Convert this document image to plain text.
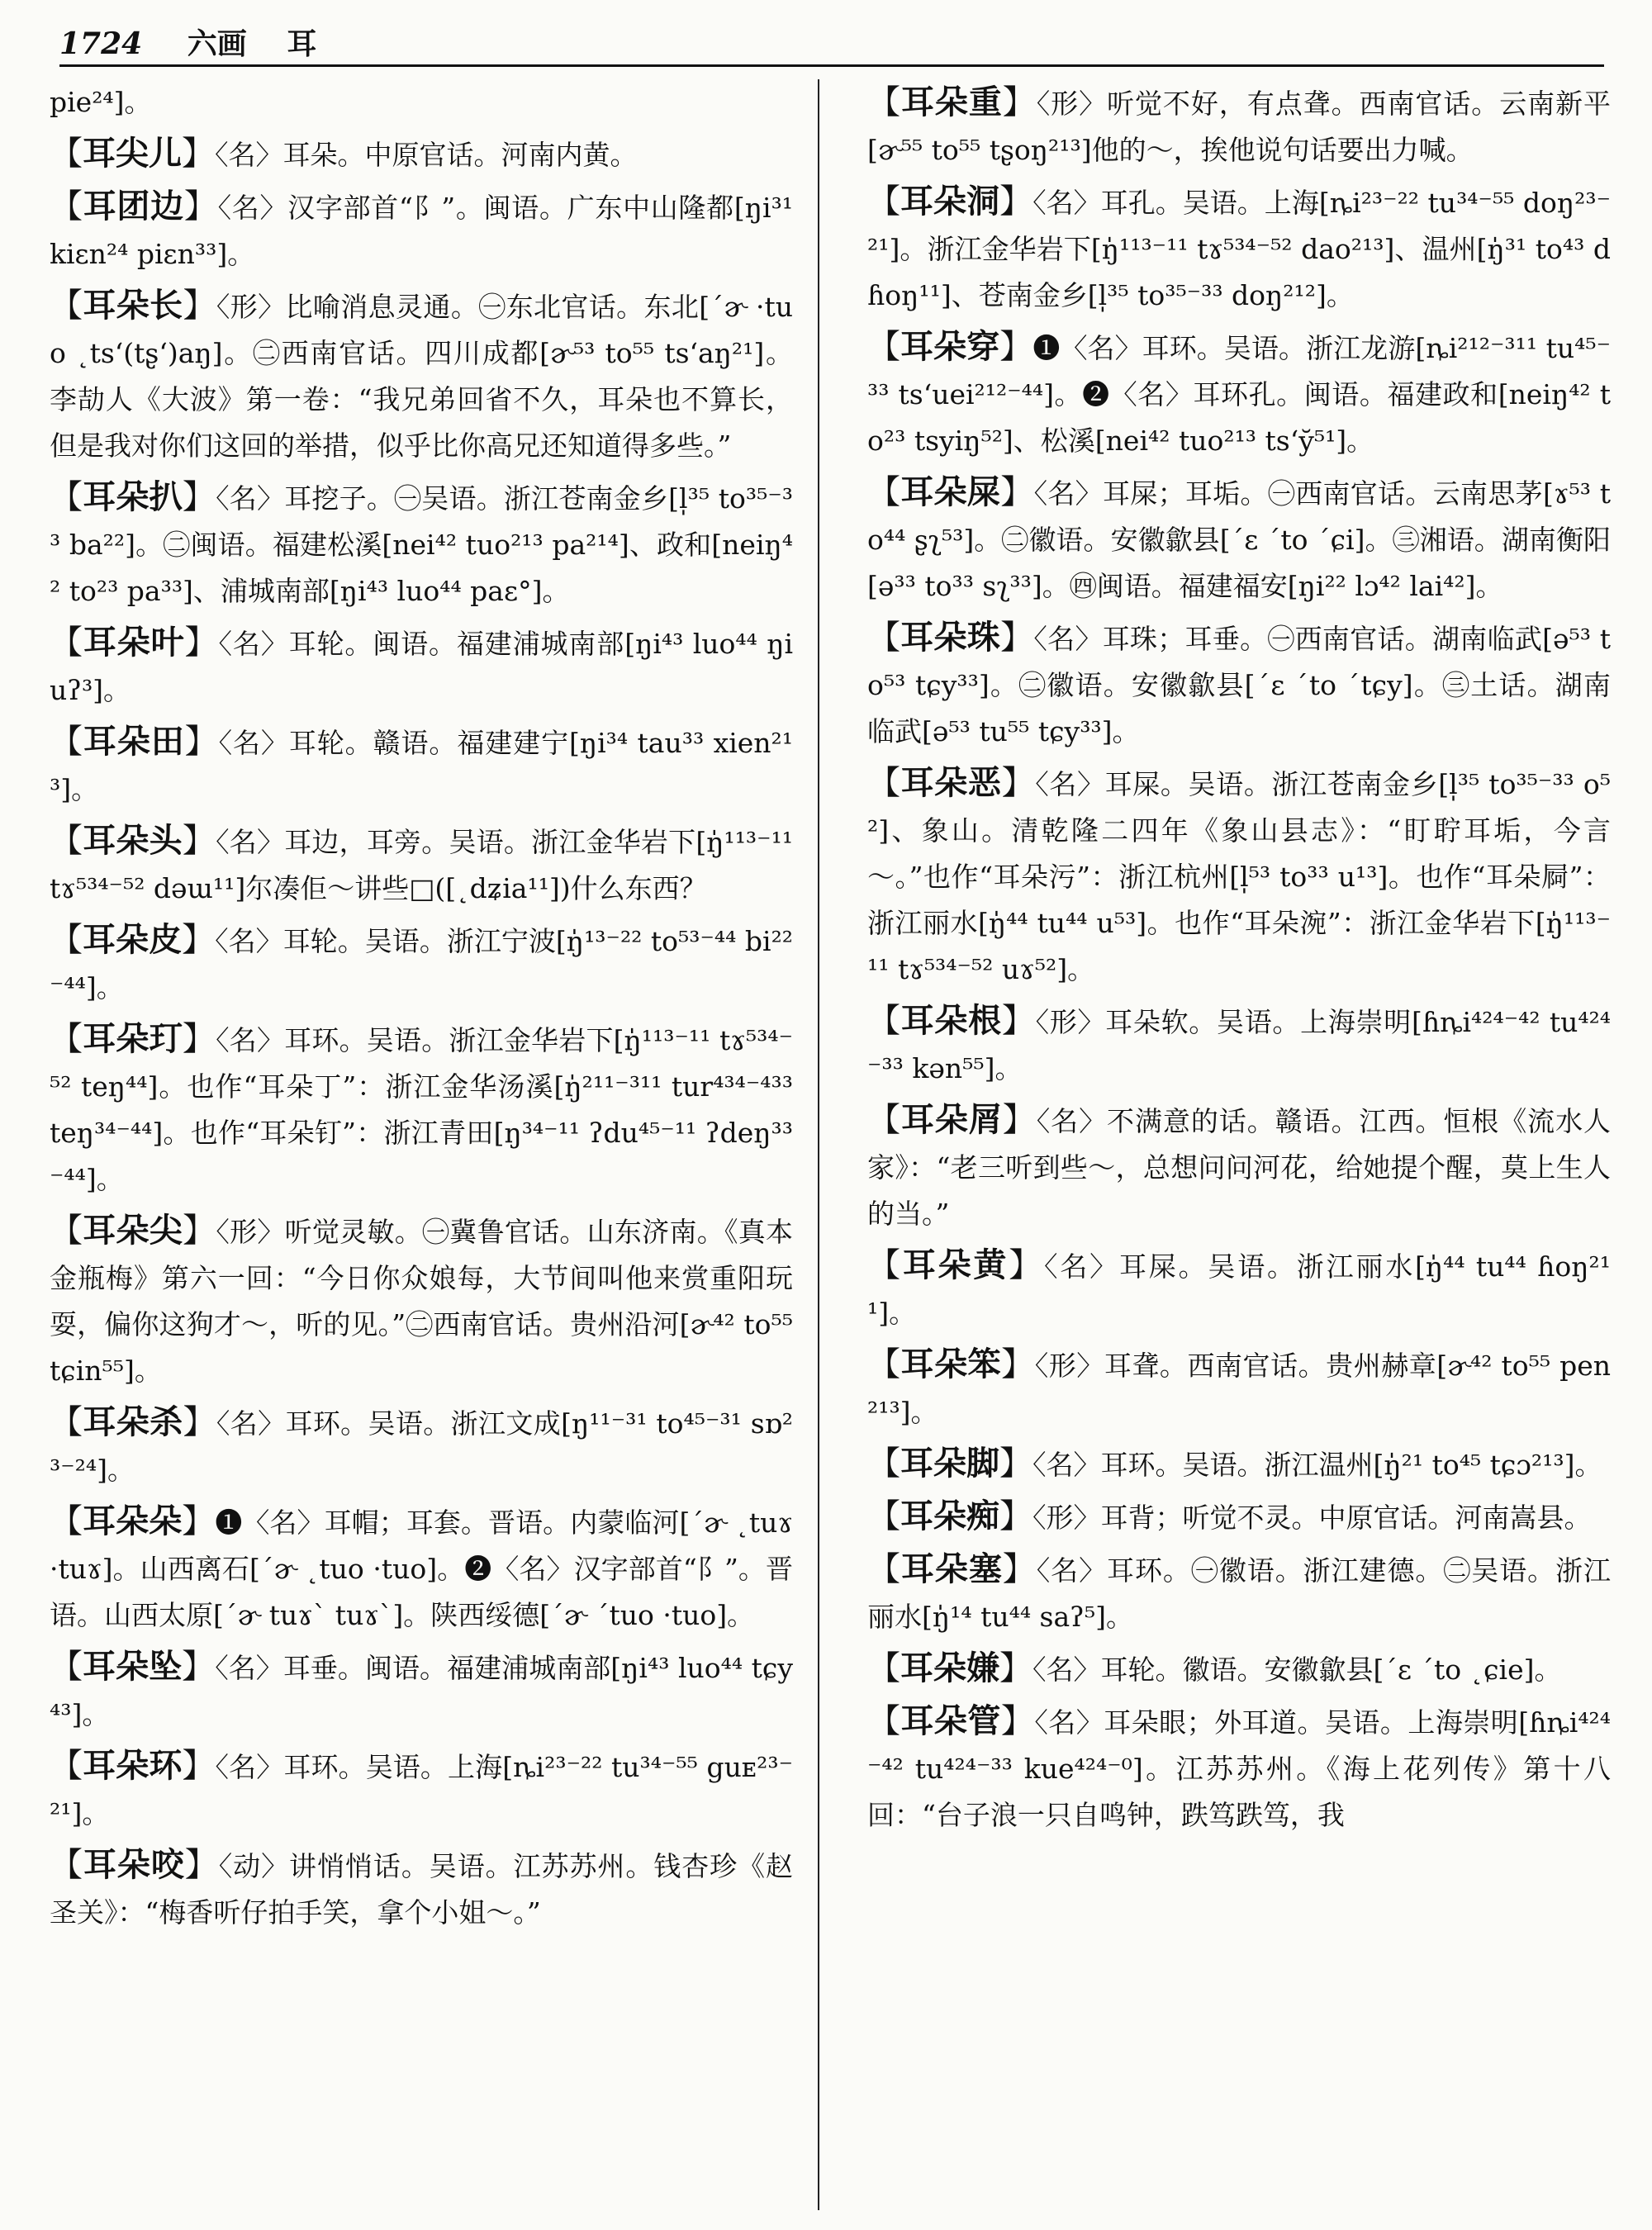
1724 六画 耳
pie²⁴]。

【耳尖儿】〈名〉耳朵。中原官话。河南内黄。

【耳团边】〈名〉汉字部首“阝”。闽语。广东中山隆都[ŋi³¹ kiɛn²⁴ piɛn³³]。

【耳朵长】〈形〉比喻消息灵通。㊀东北官话。东北[ˊɚ ·tuo ˛tsʻ(tʂʻ)aŋ]。㊁西南官话。四川成都[ɚ⁵³ to⁵⁵ tsʻaŋ²¹]。李劼人《大波》第一卷：“我兄弟回省不久，耳朵也不算长，但是我对你们这回的举措，似乎比你高兄还知道得多些。”

【耳朵扒】〈名〉耳挖子。㊀吴语。浙江苍南金乡[l̩³⁵ to³⁵⁻³³ ba²²]。㊁闽语。福建松溪[nei⁴² tuo²¹³ pa²¹⁴]、政和[neiŋ⁴² to²³ pa³³]、浦城南部[ŋi⁴³ luo⁴⁴ paɛ°]。

【耳朵叶】〈名〉耳轮。闽语。福建浦城南部[ŋi⁴³ luo⁴⁴ ŋiuʔ³]。

【耳朵田】〈名〉耳轮。赣语。福建建宁[ŋi³⁴ tau³³ xien²¹³]。

【耳朵头】〈名〉耳边，耳旁。吴语。浙江金华岩下[ŋ̍¹¹³⁻¹¹ tɤ⁵³⁴⁻⁵² dəɯ¹¹]尔凑佢～讲些□([˛dʑia¹¹])什么东西？

【耳朵皮】〈名〉耳轮。吴语。浙江宁波[ŋ̍¹³⁻²² to⁵³⁻⁴⁴ bi²²⁻⁴⁴]。

【耳朵玎】〈名〉耳环。吴语。浙江金华岩下[ŋ̍¹¹³⁻¹¹ tɤ⁵³⁴⁻⁵² teŋ⁴⁴]。也作“耳朵丁”：浙江金华汤溪[ŋ̍²¹¹⁻³¹¹ tur⁴³⁴⁻⁴³³ teŋ³⁴⁻⁴⁴]。也作“耳朵钉”：浙江青田[ŋ³⁴⁻¹¹ ʔdu⁴⁵⁻¹¹ ʔdeŋ³³⁻⁴⁴]。

【耳朵尖】〈形〉听觉灵敏。㊀冀鲁官话。山东济南。《真本金瓶梅》第六一回：“今日你众娘每，大节间叫他来赏重阳玩耍，偏你这狗才～，听的见。”㊁西南官话。贵州沿河[ɚ⁴² to⁵⁵ tɕin⁵⁵]。

【耳朵杀】〈名〉耳环。吴语。浙江文成[ŋ¹¹⁻³¹ to⁴⁵⁻³¹ sɒ²³⁻²⁴]。

【耳朵朵】❶〈名〉耳帽；耳套。晋语。内蒙临河[ˊɚ ˛tuɤ ·tuɤ]。山西离石[ˊɚ ˛tuo ·tuo]。❷〈名〉汉字部首“阝”。晋语。山西太原[ˊɚ tuɤˋ tuɤˋ]。陕西绥德[ˊɚ ˊtuo ·tuo]。

【耳朵坠】〈名〉耳垂。闽语。福建浦城南部[ŋi⁴³ luo⁴⁴ tɕy⁴³]。

【耳朵环】〈名〉耳环。吴语。上海[ȵi²³⁻²² tu³⁴⁻⁵⁵ guᴇ²³⁻²¹]。

【耳朵咬】〈动〉讲悄悄话。吴语。江苏苏州。钱杏珍《赵圣关》：“梅香听仔拍手笑，拿个小姐～。”

【耳朵重】〈形〉听觉不好，有点聋。西南官话。云南新平[ɚ⁵⁵ to⁵⁵ tʂoŋ²¹³]他的～，挨他说句话要出力喊。

【耳朵洞】〈名〉耳孔。吴语。上海[ȵi²³⁻²² tu³⁴⁻⁵⁵ doŋ²³⁻²¹]。浙江金华岩下[ŋ̍¹¹³⁻¹¹ tɤ⁵³⁴⁻⁵² dao²¹³]、温州[ŋ̍³¹ to⁴³ dɦoŋ¹¹]、苍南金乡[l̩³⁵ to³⁵⁻³³ doŋ²¹²]。

【耳朵穿】❶〈名〉耳环。吴语。浙江龙游[ȵi²¹²⁻³¹¹ tu⁴⁵⁻³³ tsʻuei²¹²⁻⁴⁴]。❷〈名〉耳环孔。闽语。福建政和[neiŋ⁴² to²³ tsyiŋ⁵²]、松溪[nei⁴² tuo²¹³ tsʻy̆⁵¹]。

【耳朵屎】〈名〉耳屎；耳垢。㊀西南官话。云南思茅[ɤ⁵³ to⁴⁴ ʂʅ⁵³]。㊁徽语。安徽歙县[ˊɛ ˊto ˊɕi]。㊂湘语。湖南衡阳[ə³³ to³³ sʅ³³]。㊃闽语。福建福安[ŋi²² lɔ⁴² lai⁴²]。

【耳朵珠】〈名〉耳珠；耳垂。㊀西南官话。湖南临武[ə⁵³ to⁵³ tɕy³³]。㊁徽语。安徽歙县[ˊɛ ˊto ˊtɕy]。㊂土话。湖南临武[ə⁵³ tu⁵⁵ tɕy³³]。

【耳朵恶】〈名〉耳屎。吴语。浙江苍南金乡[l̩³⁵ to³⁵⁻³³ o⁵²]、象山。清乾隆二四年《象山县志》：“盯聍耳垢，今言～。”也作“耳朵污”：浙江杭州[l̩⁵³ to³³ u¹³]。也作“耳朵屙”：浙江丽水[ŋ̍⁴⁴ tu⁴⁴ u⁵³]。也作“耳朵涴”：浙江金华岩下[ŋ̍¹¹³⁻¹¹ tɤ⁵³⁴⁻⁵² uɤ⁵²]。

【耳朵根】〈形〉耳朵软。吴语。上海崇明[ɦȵi⁴²⁴⁻⁴² tu⁴²⁴⁻³³ kən⁵⁵]。

【耳朵屑】〈名〉不满意的话。赣语。江西。恒根《流水人家》：“老三听到些～，总想问问河花，给她提个醒，莫上生人的当。”

【耳朵黄】〈名〉耳屎。吴语。浙江丽水[ŋ̍⁴⁴ tu⁴⁴ ɦoŋ²¹¹]。

【耳朵笨】〈形〉耳聋。西南官话。贵州赫章[ɚ⁴² to⁵⁵ pen²¹³]。

【耳朵脚】〈名〉耳环。吴语。浙江温州[ŋ̍²¹ to⁴⁵ tɕɔ²¹³]。

【耳朵痴】〈形〉耳背；听觉不灵。中原官话。河南嵩县。

【耳朵塞】〈名〉耳环。㊀徽语。浙江建德。㊁吴语。浙江丽水[ŋ̍¹⁴ tu⁴⁴ saʔ⁵]。

【耳朵嫌】〈名〉耳轮。徽语。安徽歙县[ˊɛ ˊto ˛ɕie]。

【耳朵管】〈名〉耳朵眼；外耳道。吴语。上海崇明[ɦȵi⁴²⁴⁻⁴² tu⁴²⁴⁻³³ kue⁴²⁴⁻⁰]。江苏苏州。《海上花列传》第十八回：“台子浪一只自鸣钟，跌笃跌笃，我
